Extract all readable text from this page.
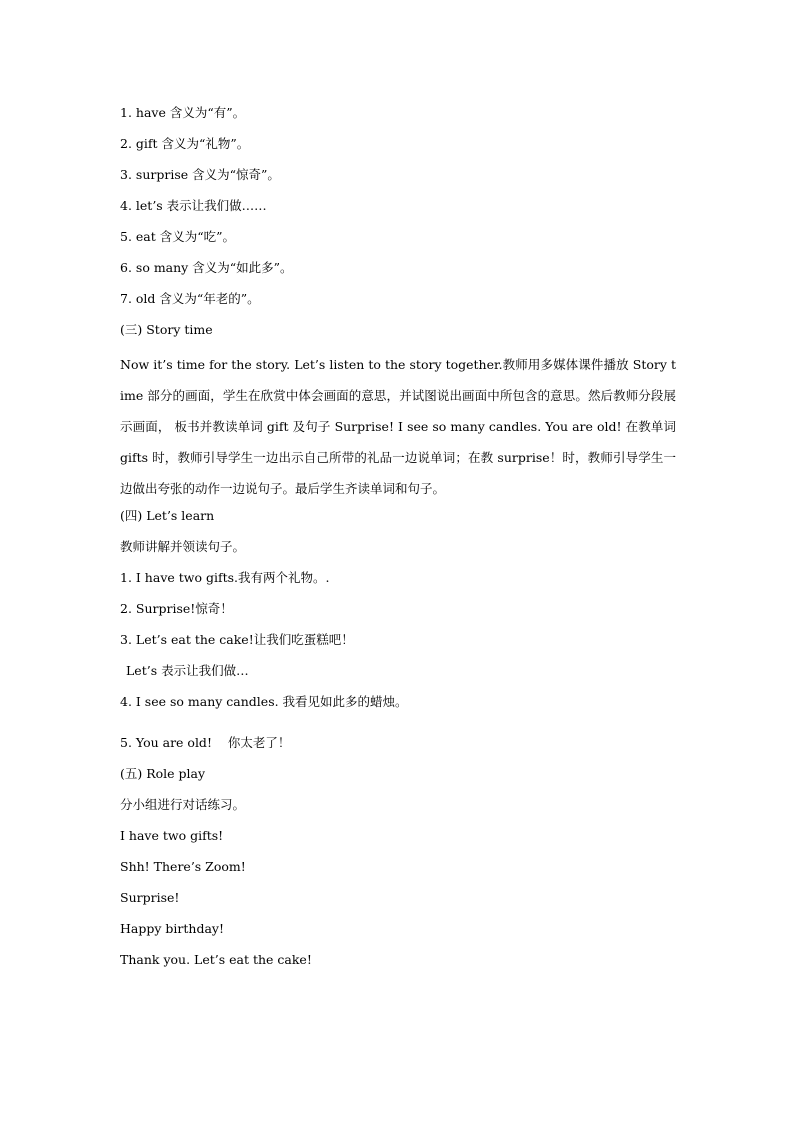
1. have 含义为“有”。
2. gift 含义为“礼物”。
3. surprise 含义为“惊奇”。
4. let’s 表示让我们做……
5. eat 含义为“吃”。
6. so many 含义为“如此多”。
7. old 含义为“年老的”。
(三) Story time
Now it’s time for the story. Let’s listen to the story together.教师用多媒体课件播放 Story time 部分的画面，学生在欣赏中体会画面的意思，并试图说出画面中所包含的意思。然后教师分段展示画面， 板书并教读单词 gift 及句子 Surprise! I see so many candles. You are old! 在教单词 gifts 时，教师引导学生一边出示自己所带的礼品一边说单词；在教 surprise！时，教师引导学生一边做出夸张的动作一边说句子。最后学生齐读单词和句子。
(四) Let’s learn
教师讲解并领读句子。
1. I have two gifts.我有两个礼物。.
2. Surprise!惊奇！
3. Let’s eat the cake!让我们吃蛋糕吧！
Let’s 表示让我们做…
4. I see so many candles. 我看见如此多的蜡烛。
5. You are old!    你太老了！
(五) Role play
分小组进行对话练习。
I have two gifts!
Shh! There’s Zoom!
Surprise!
Happy birthday!
Thank you. Let’s eat the cake!
